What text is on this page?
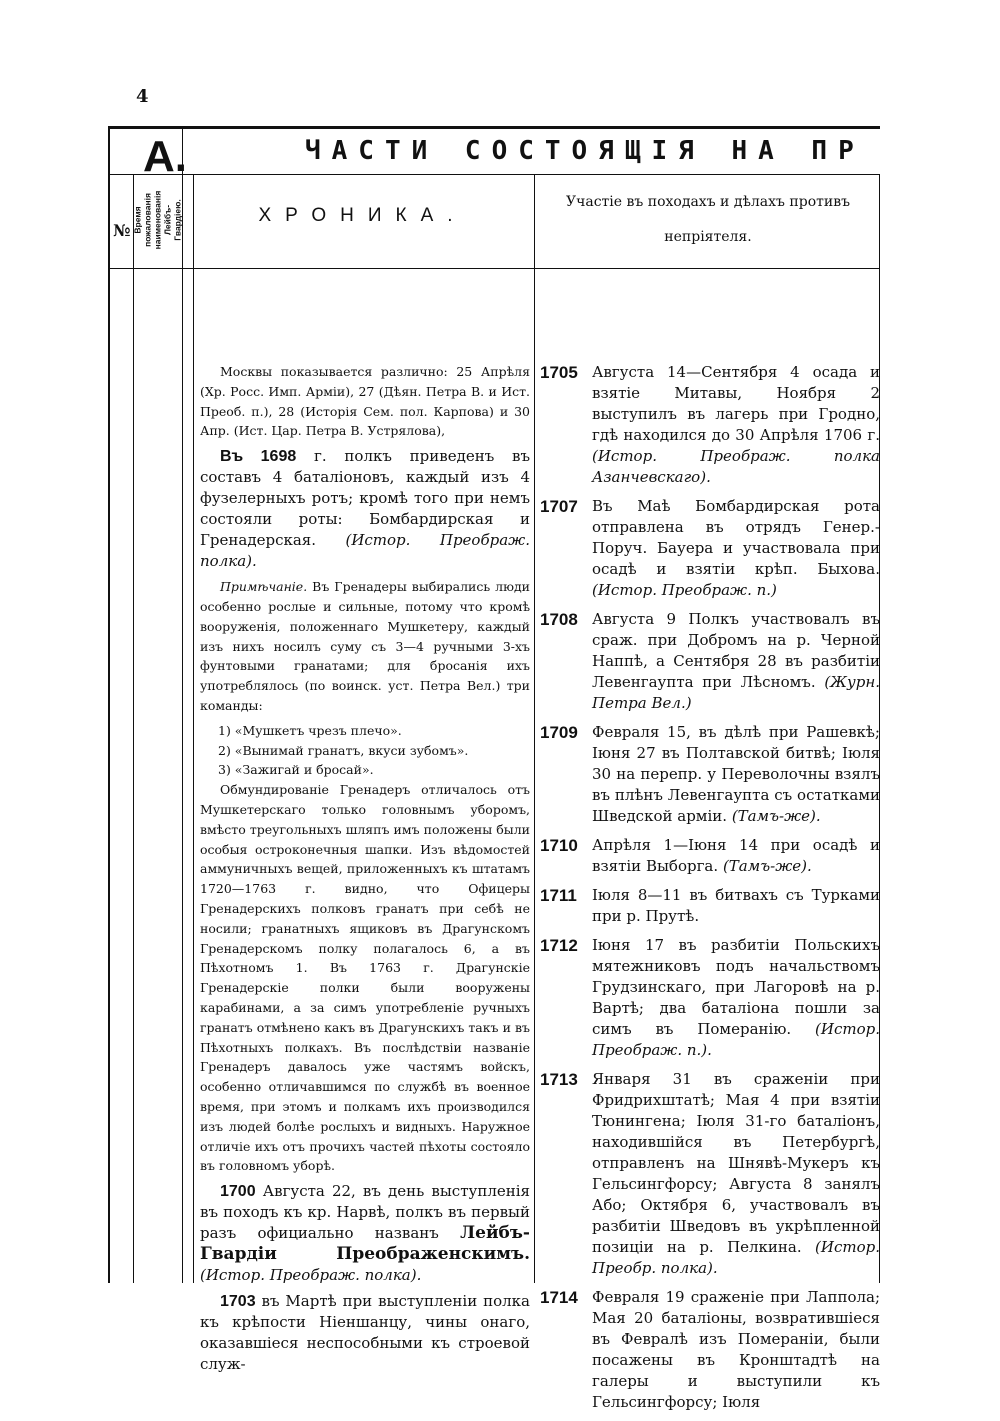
4
А.	ЧАСТИ СОСТОЯЩІЯ НА ПР
№ Время пожалованія наименованія
Лейбъ-Гвардіею.	ХРОНИКА.
Участіе въ походахъ и дѣлахъ противъ непріятеля.

Москвы показывается различно: 25 Апрѣля (Хр. Росс. Имп. Арміи), 27 (Дѣян. Петра В. и Ист. Преоб. п.), 28 (Исторія Сем. пол. Карпова) и 30 Апр. (Ист. Цар. Петра В. Устрялова),

Въ 1698 г. полкъ приведенъ въ составъ 4 баталіоновъ, каждый изъ 4 фузелерныхъ ротъ; кромѣ того при немъ состояли роты: Бомбардирская и Гренадерская. (Истор. Преображ. полка).

Примѣчаніе. Въ Гренадеры выбирались люди особенно рослые и сильные, потому что кромѣ вооруженія, положеннаго Мушкетеру, каждый изъ нихъ носилъ суму съ 3—4 ручными 3-хъ фунтовыми гранатами; для бросанія ихъ употреблялось (по воинск. уст. Петра Вел.) три команды:

1) «Мушкетъ чрезъ плечо».
2) «Вынимай гранатъ, вкуси зубомъ».
3) «Зажигай и бросай».

Обмундированіе Гренадеръ отличалось отъ Мушкетерскаго только головнымъ уборомъ, вмѣсто треугольныхъ шляпъ имъ положены были особыя остроконечныя шапки. Изъ вѣдомостей аммуничныхъ вещей, приложенныхъ къ штатамъ 1720—1763 г. видно, что Офицеры Гренадерскихъ полковъ гранатъ при себѣ не носили; гранатныхъ ящиковъ въ Драгунскомъ Гренадерскомъ полку полагалось 6, а въ Пѣхотномъ 1. Въ 1763 г. Драгунскіе Гренадерскіе полки были вооружены карабинами, а за симъ употребленіе ручныхъ гранатъ отмѣнено какъ въ Драгунскихъ такъ и въ Пѣхотныхъ полкахъ. Въ послѣдствіи названіе Гренадеръ давалось уже частямъ войскъ, особенно отличавшимся по службѣ въ военное время, при этомъ и полкамъ ихъ производился изъ людей болѣе рослыхъ и видныхъ. Наружное отличіе ихъ отъ прочихъ частей пѣхоты состояло въ головномъ уборѣ.

1700 Августа 22, въ день выступленія въ походъ къ кр. Нарвѣ, полкъ въ первый разъ официально названъ Лейбъ-Гвардіи Преображенскимъ. (Истор. Преображ. полка).

1703 въ Мартѣ при выступленіи полка къ крѣпости Ніеншанцу, чины онаго, оказавшіеся неспособными къ строевой служ-

1705 Августа 14—Сентября 4 осада и взятіе Митавы, Ноября 2 выступилъ въ лагерь при Гродно, гдѣ находился до 30 Апрѣля 1706 г. (Истор. Преображ. полка Азанчевскаго).
1707 Въ Маѣ Бомбардирская рота отправлена въ отрядъ Генер.-Поруч. Бауера и участвовала при осадѣ и взятіи крѣп. Быхова. (Истор. Преображ. п.)
1708 Августа 9 Полкъ участвовалъ въ сраж. при Добромъ на р. Черной Наппѣ, а Сентября 28 въ разбитіи Левенгаупта при Лѣсномъ. (Журн. Петра Вел.)
1709 Февраля 15, въ дѣлѣ при Рашевкѣ; Іюня 27 въ Полтавской битвѣ; Іюля 30 на перепр. у Переволочны взялъ въ плѣнъ Левенгаупта съ остатками Шведской арміи. (Тамъ-же).
1710 Апрѣля 1—Іюня 14 при осадѣ и взятіи Выборга. (Тамъ-же).
1711	Іюля 8—11 въ битвахъ съ Турками при р. Прутѣ.
1712 Іюня 17 въ разбитіи Польскихъ мятежниковъ подъ начальствомъ Грудзинскаго, при Лагоровѣ на р. Вартѣ; два баталіона пошли за симъ въ Померанію. (Истор. Преображ. п.).
1713 Января 31 въ сраженіи при Фридрихштатѣ; Мая 4 при взятіи Тюнингена; Іюля 31-го баталіонъ, находившійся въ Петербургѣ, отправленъ на Шнявѣ-Мукеръ къ Гельсингфорсу; Августа 8 занялъ Або; Октября 6, участвовалъ въ разбитіи Шведовъ въ укрѣпленной позиціи на р. Пелкина. (Истор. Преобр. полка).
1714 Февраля 19 сраженіе при Лаппола; Мая 20 баталіоны, возвратившіеся въ Февралѣ изъ Помераніи, были посажены въ Кронштадтѣ на галеры и выступили къ Гельсингфорсу; Іюля
